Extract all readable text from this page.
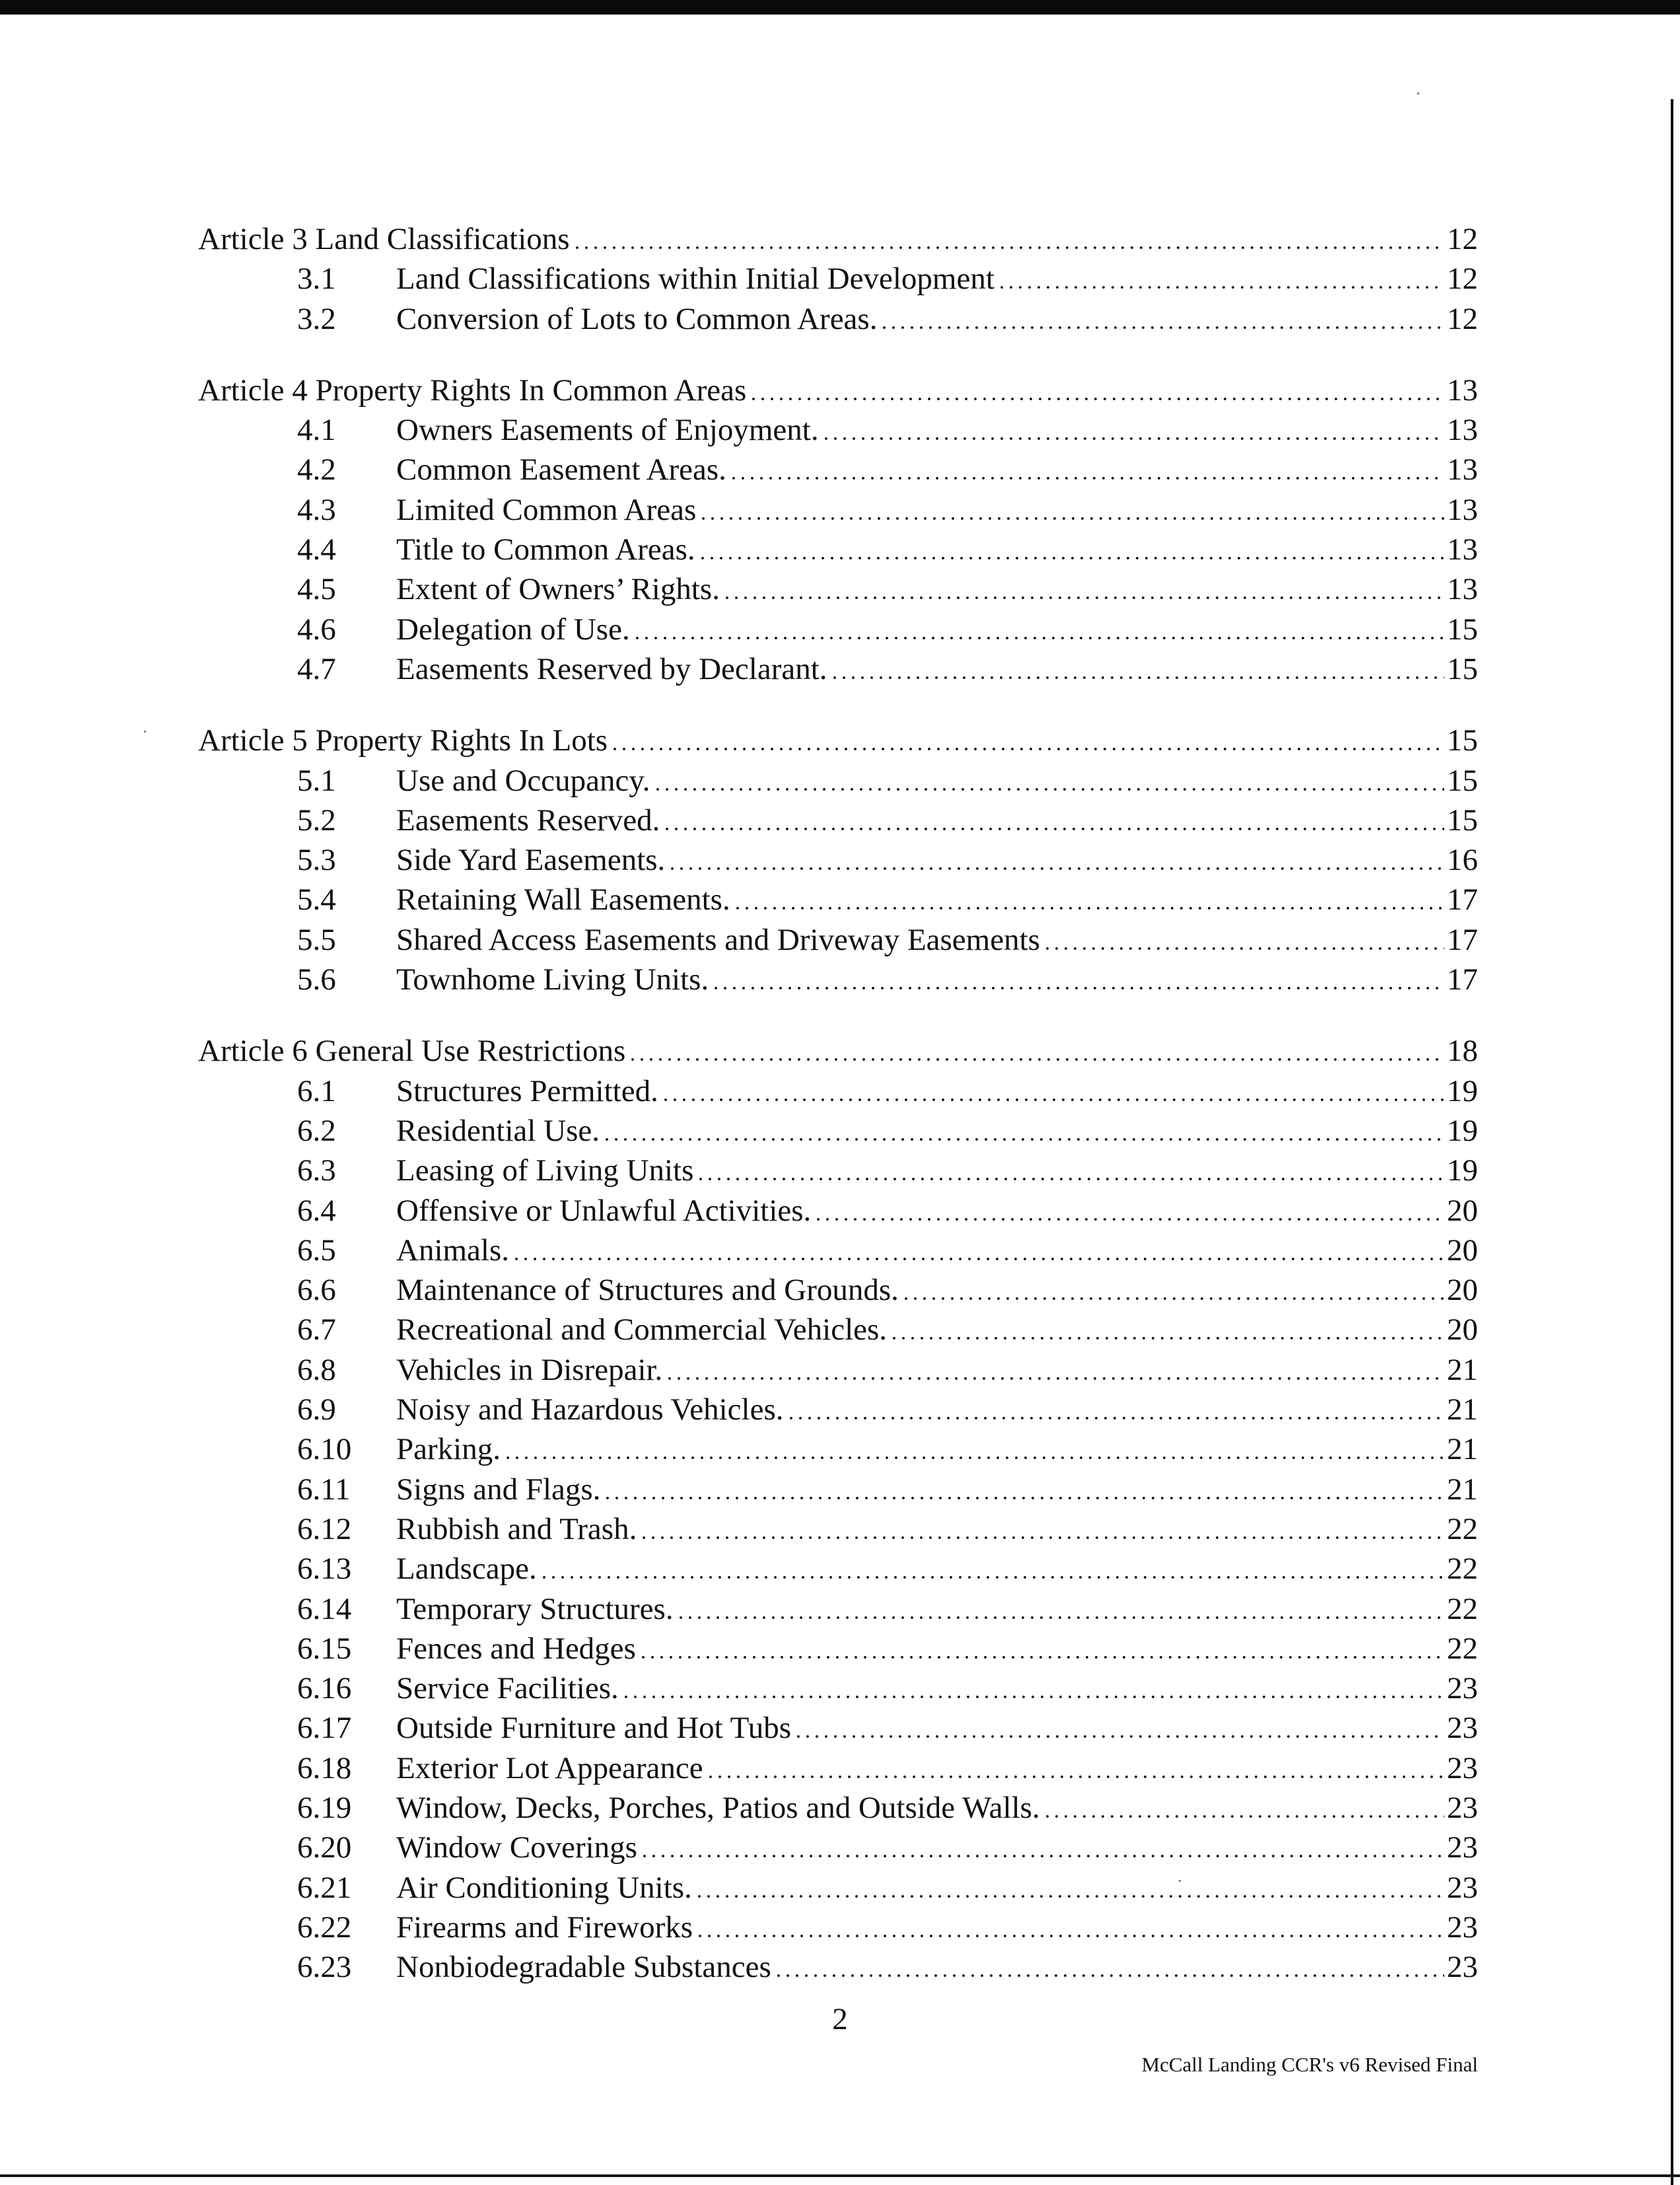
Article 3 Land Classifications	12
3.1	Land Classifications within Initial Development	12
3.2	Conversion of Lots to Common Areas.	12
Article 4 Property Rights In Common Areas	13
4.1	Owners Easements of Enjoyment.	13
4.2	Common Easement Areas.	13
4.3	Limited Common Areas	13
4.4	Title to Common Areas.	13
4.5	Extent of Owners’ Rights.	13
4.6	Delegation of Use.	15
4.7	Easements Reserved by Declarant.	15
Article 5 Property Rights In Lots	15
5.1	Use and Occupancy.	15
5.2	Easements Reserved.	15
5.3	Side Yard Easements.	16
5.4	Retaining Wall Easements.	17
5.5	Shared Access Easements and Driveway Easements	17
5.6	Townhome Living Units.	17
Article 6 General Use Restrictions	18
6.1	Structures Permitted.	19
6.2	Residential Use.	19
6.3	Leasing of Living Units	19
6.4	Offensive or Unlawful Activities.	20
6.5	Animals.	20
6.6	Maintenance of Structures and Grounds.	20
6.7	Recreational and Commercial Vehicles.	20
6.8	Vehicles in Disrepair.	21
6.9	Noisy and Hazardous Vehicles.	21
6.10	Parking.	21
6.11	Signs and Flags.	21
6.12	Rubbish and Trash.	22
6.13	Landscape.	22
6.14	Temporary Structures.	22
6.15	Fences and Hedges	22
6.16	Service Facilities.	23
6.17	Outside Furniture and Hot Tubs	23
6.18	Exterior Lot Appearance	23
6.19	Window, Decks, Porches, Patios and Outside Walls.	23
6.20	Window Coverings	23
6.21	Air Conditioning Units.	23
6.22	Firearms and Fireworks	23
6.23	Nonbiodegradable Substances	23
2
McCall Landing CCR's v6 Revised Final
